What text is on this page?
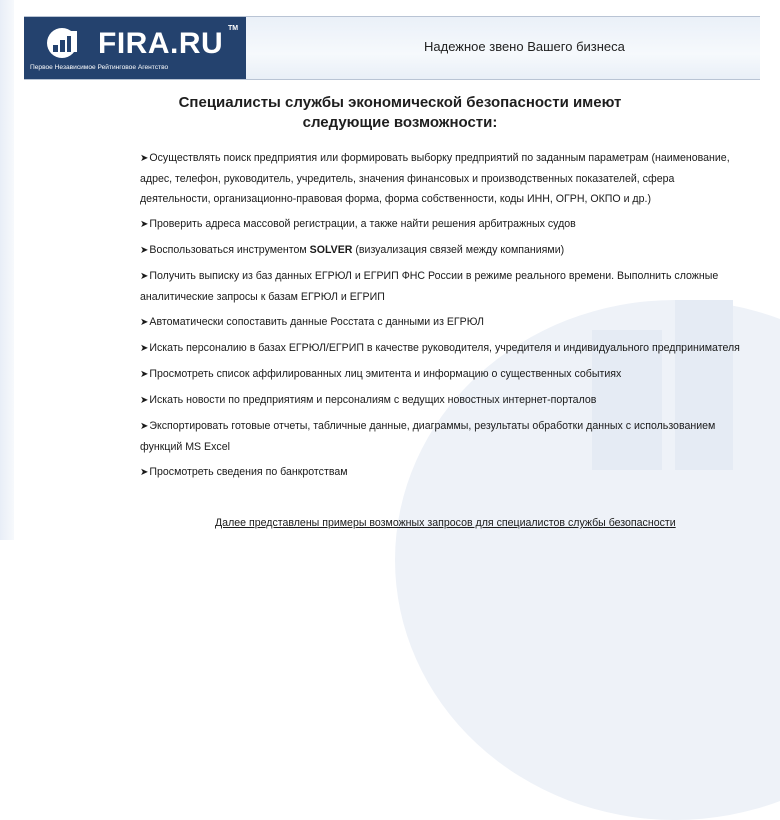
FIRA.RU TM
Первое Независимое Рейтинговое Агентство
Надежное звено Вашего бизнеса
Специалисты службы экономической безопасности имеют следующие возможности:
➤Осуществлять поиск предприятия или формировать выборку предприятий по заданным параметрам (наименование, адрес, телефон, руководитель, учредитель, значения финансовых и производственных показателей, сфера деятельности, организационно-правовая форма, форма собственности, коды ИНН, ОГРН, ОКПО и др.)
➤Проверить адреса массовой регистрации, а также найти решения арбитражных судов
➤Воспользоваться инструментом SOLVER (визуализация связей между компаниями)
➤Получить выписку из баз данных ЕГРЮЛ и ЕГРИП ФНС России в режиме реального времени. Выполнить сложные аналитические запросы к базам ЕГРЮЛ и ЕГРИП
➤Автоматически сопоставить данные Росстата с данными из ЕГРЮЛ
➤Искать персоналию в базах ЕГРЮЛ/ЕГРИП в качестве руководителя, учредителя и индивидуального предпринимателя
➤Просмотреть список аффилированных лиц эмитента и информацию о существенных событиях
➤Искать новости по предприятиям и персоналиям с ведущих новостных интернет-порталов
➤Экспортировать готовые отчеты, табличные данные, диаграммы, результаты обработки данных с использованием функций MS Excel
➤Просмотреть сведения по банкротствам
Далее представлены примеры возможных запросов для специалистов службы безопасности
